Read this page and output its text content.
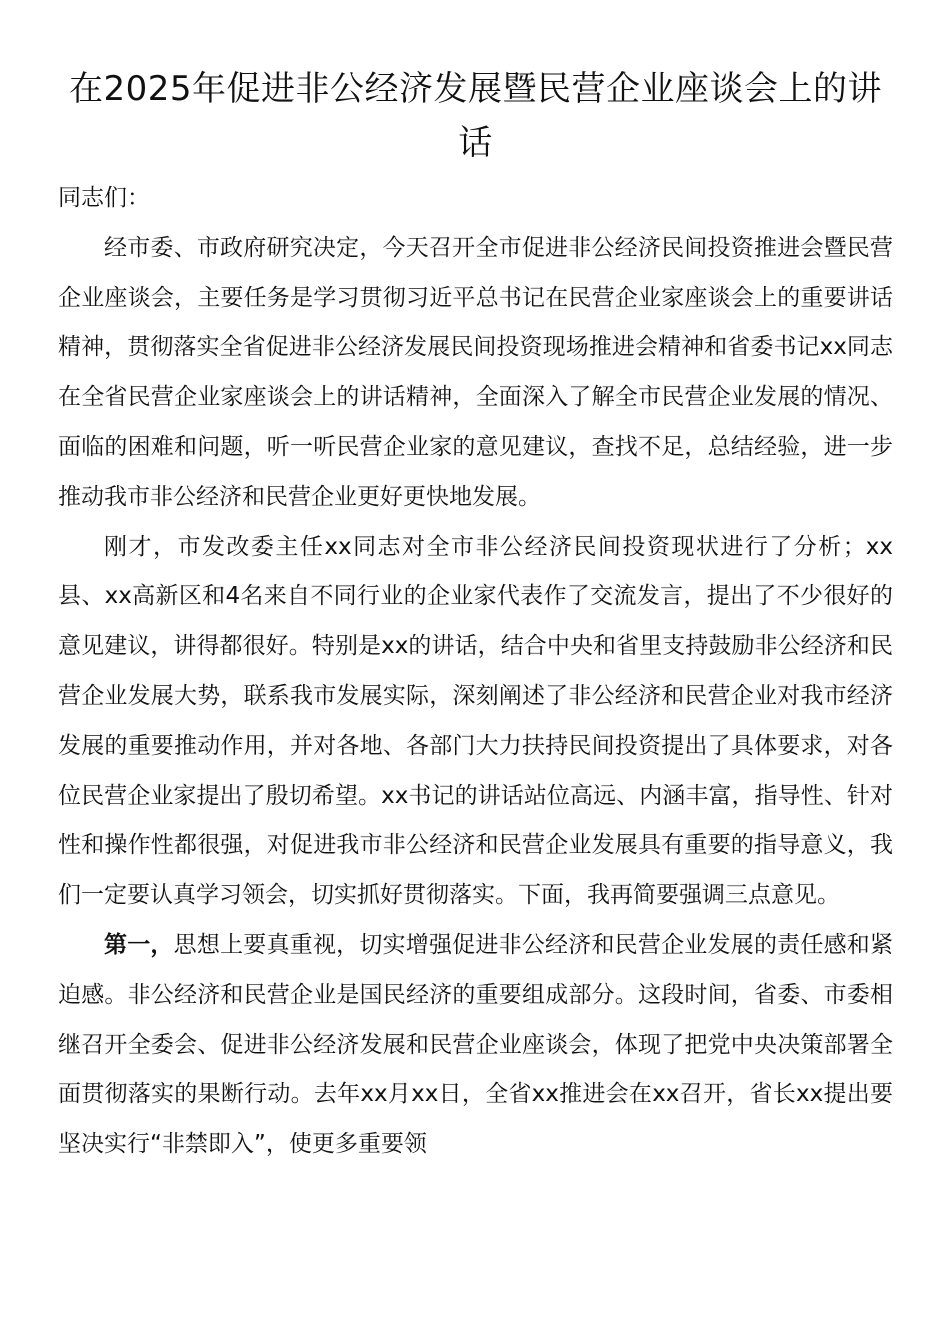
在2025年促进非公经济发展暨民营企业座谈会上的讲话

同志们：

经市委、市政府研究决定，今天召开全市促进非公经济民间投资推进会暨民营企业座谈会，主要任务是学习贯彻习近平总书记在民营企业家座谈会上的重要讲话精神，贯彻落实全省促进非公经济发展民间投资现场推进会精神和省委书记xx同志在全省民营企业家座谈会上的讲话精神，全面深入了解全市民营企业发展的情况、面临的困难和问题，听一听民营企业家的意见建议，查找不足，总结经验，进一步推动我市非公经济和民营企业更好更快地发展。

刚才，市发改委主任xx同志对全市非公经济民间投资现状进行了分析；xx县、xx高新区和4名来自不同行业的企业家代表作了交流发言，提出了不少很好的意见建议，讲得都很好。特别是xx的讲话，结合中央和省里支持鼓励非公经济和民营企业发展大势，联系我市发展实际，深刻阐述了非公经济和民营企业对我市经济发展的重要推动作用，并对各地、各部门大力扶持民间投资提出了具体要求，对各位民营企业家提出了殷切希望。xx书记的讲话站位高远、内涵丰富，指导性、针对性和操作性都很强，对促进我市非公经济和民营企业发展具有重要的指导意义，我们一定要认真学习领会，切实抓好贯彻落实。下面，我再简要强调三点意见。

第一，思想上要真重视，切实增强促进非公经济和民营企业发展的责任感和紧迫感。非公经济和民营企业是国民经济的重要组成部分。这段时间，省委、市委相继召开全委会、促进非公经济发展和民营企业座谈会，体现了把党中央决策部署全面贯彻落实的果断行动。去年xx月xx日，全省xx推进会在xx召开，省长xx提出要坚决实行“非禁即入”，使更多重要领
